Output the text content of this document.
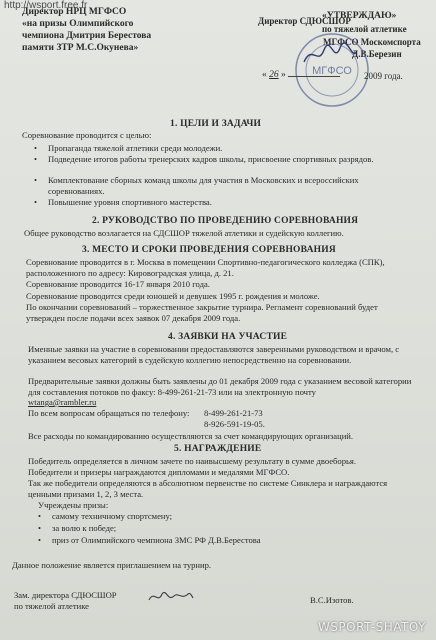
http://wsport.free.fr
Директор НРЦ МГФСО
«на призы Олимпийского
чемпиона Дмитрия Берестова
памяти ЗТР М.С.Окунева»
«УТВЕРЖДАЮ»
Директор СДЮСШОР
по тяжелой атлетике
МГФСО Москомспорта
Д.В.Березин
МГФСО
« 26 »	2009 года.
1. ЦЕЛИ И ЗАДАЧИ
Соревнование проводится с целью:
• Пропаганда тяжелой атлетики среди молодежи.
• Подведение итогов работы тренерских кадров школы, присвоение спортивных разрядов.
• Комплектование сборных команд школы для участия в Московских и всероссийских соревнованиях.
• Повышение уровня спортивного мастерства.
2. РУКОВОДСТВО ПО ПРОВЕДЕНИЮ СОРЕВНОВАНИЯ
Общее руководство возлагается на СДСШОР тяжелой атлетики и судейскую коллегию.
3. МЕСТО И СРОКИ ПРОВЕДЕНИЯ СОРЕВНОВАНИЯ
Соревнование проводится в г. Москва в помещении Спортивно-педагогического колледжа (СПК), расположенного по адресу: Кировоградская улица, д. 21.
Соревнование проводится 16-17 января 2010 года.
Соревнование проводится среди юношей и девушек 1995 г. рождения и моложе.
По окончании соревнований – торжественное закрытие турнира. Регламент соревнований будет утвержден после подачи всех заявок 07 декабря 2009 года.
4. ЗАЯВКИ НА УЧАСТИЕ
Именные заявки на участие в соревновании предоставляются заверенными руководством и врачом, с указанием весовых категорий в судейскую коллегию непосредственно на соревновании.
Предварительные заявки должны быть заявлены до 01 декабря 2009 года с указанием весовой категории для составления потоков по факсу: 8-499-261-21-73 или на электронную почту
wtanga@rambler.ru
По всем вопросам обращаться по телефону: 8-499-261-21-73
8-926-591-19-05.
Все расходы по командированию осуществляются за счет командирующих организаций.
5. НАГРАЖДЕНИЕ
Победитель определяется в личном зачете по наивысшему результату в сумме двоеборья.
Победители и призеры награждаются дипломами и медалями МГФСО.
Так же победители определяются в абсолютном первенстве по системе Синклера и награждаются ценными призами 1, 2, 3 места.
Учреждены призы:
• самому техничному спортсмену;
• за волю к победе;
• приз от Олимпийского чемпиона ЗМС РФ Д.В.Берестова
Данное положение является приглашением на турнир.
Зам. директора СДЮСШОР
по тяжелой атлетике
В.С.Изотов.
WSPORT-SHATOY
